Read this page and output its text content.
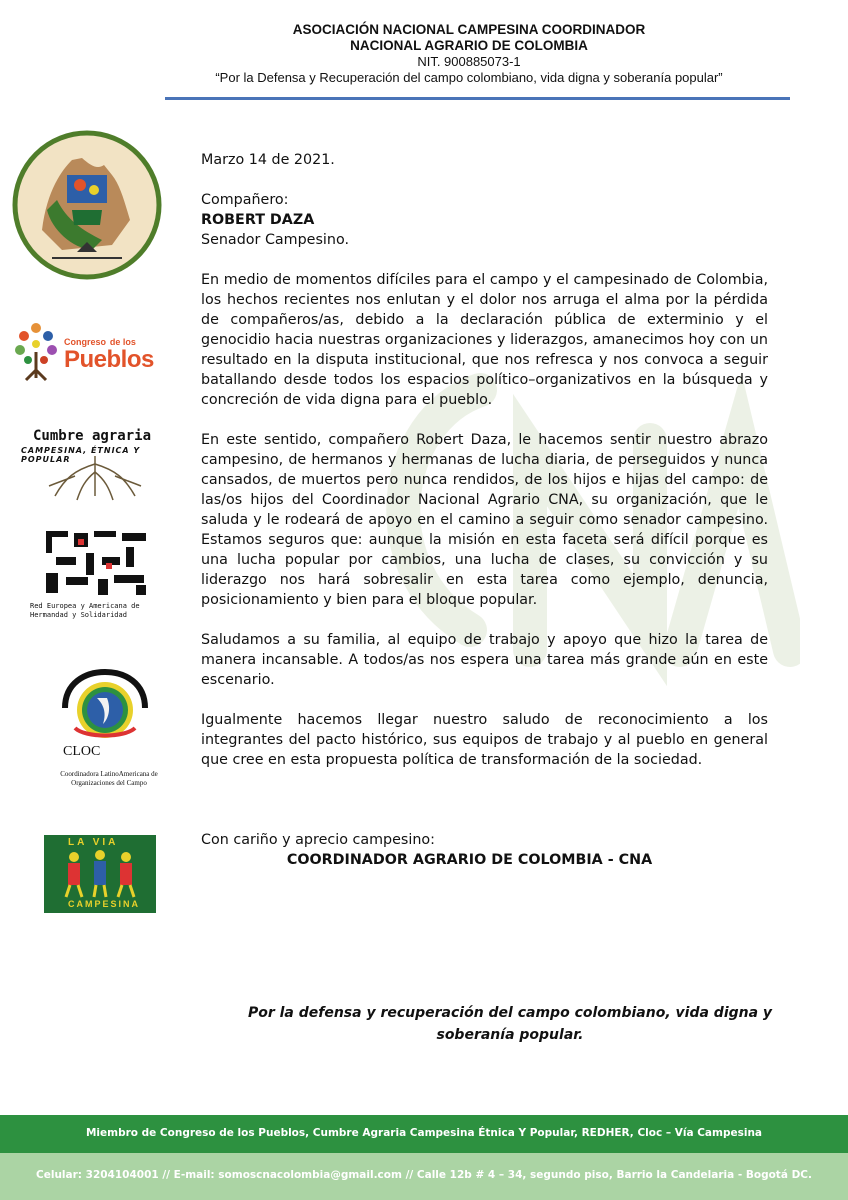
ASOCIACIÓN NACIONAL CAMPESINA COORDINADOR
NACIONAL AGRARIO DE COLOMBIA
NIT. 900885073-1
“Por la Defensa y Recuperación del campo colombiano, vida digna y soberanía popular”
Congreso de los
Pueblos
Cumbre agraria
CAMPESINA, ÉTNICA Y POPULAR
Red Europea y Americana de Hermandad y Solidaridad
CLOC
Coordinadora LatinoAmericana de Organizaciones del Campo
LA VIA
CAMPESINA

Marzo 14 de 2021.

Compañero:

ROBERT DAZA

Senador Campesino.

En medio de momentos difíciles para el campo y el campesinado de Colombia, los hechos recientes nos enlutan y el dolor nos arruga el alma por la pérdida de compañeros/as, debido a la declaración pública de exterminio y el genocidio hacia nuestras organizaciones y liderazgos, amanecimos hoy con un resultado en la disputa institucional, que nos refresca y nos convoca a seguir batallando desde todos los espacios político–organizativos en la búsqueda y concreción de vida digna para el pueblo.

En este sentido, compañero Robert Daza, le hacemos sentir nuestro abrazo campesino, de hermanos y hermanas de lucha diaria, de perseguidos y nunca cansados, de muertos pero nunca rendidos, de los hijos e hijas del campo: de las/os hijos del Coordinador Nacional Agrario CNA, su organización, que le saluda y le rodeará de apoyo en el camino a seguir como senador campesino. Estamos seguros que: aunque la misión en esta faceta será difícil porque es una lucha popular por cambios, una lucha de clases, su convicción y su liderazgo nos hará sobresalir en esta tarea como ejemplo, denuncia, posicionamiento y bien para el bloque popular.

Saludamos a su familia, al equipo de trabajo y apoyo que hizo la tarea de manera incansable. A todos/as nos espera una tarea más grande aún en este escenario.

Igualmente hacemos llegar nuestro saludo de reconocimiento a los integrantes del pacto histórico, sus equipos de trabajo y al pueblo en general que cree en esta propuesta política de transformación de la sociedad.

Con cariño y aprecio campesino:

COORDINADOR AGRARIO DE COLOMBIA - CNA

Por la defensa y recuperación del campo colombiano, vida digna y soberanía popular.
Miembro de Congreso de los Pueblos, Cumbre Agraria Campesina Étnica Y Popular, REDHER, Cloc – Vía Campesina
Celular: 3204104001 // E-mail: somoscnacolombia@gmail.com // Calle 12b # 4 – 34, segundo piso, Barrio la Candelaria - Bogotá DC.
